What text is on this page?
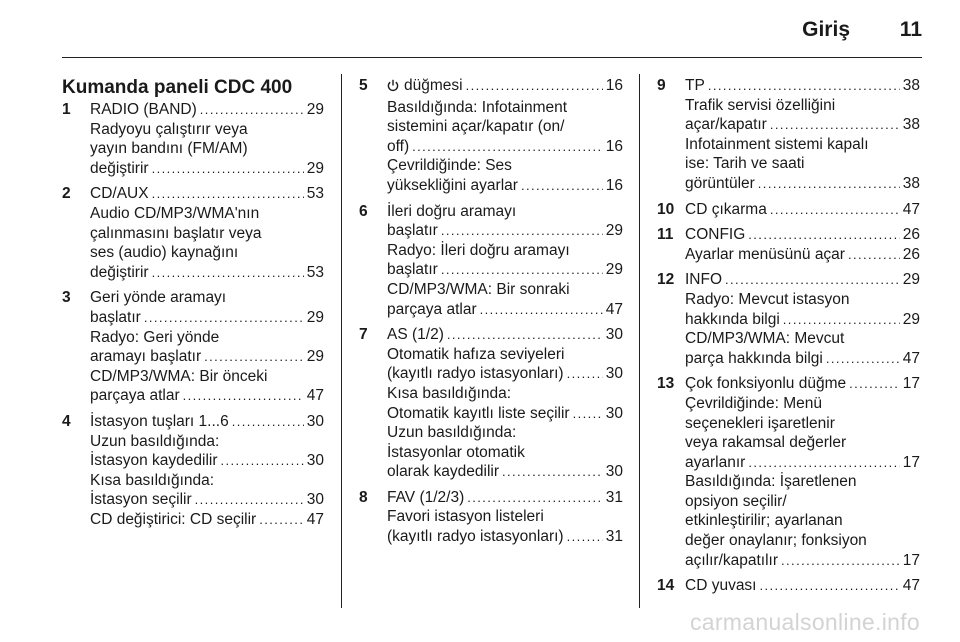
Giriş 11
Kumanda paneli CDC 400
1 RADIO (BAND) .....	29
Radyoyu çalıştırır veya
yayın bandını (FM/AM)
değiştirir .....	29
2 CD/AUX .....	53
Audio CD/MP3/WMA'nın
çalınmasını başlatır veya
ses (audio) kaynağını
değiştirir .....	53
3 Geri yönde aramayı
başlatır .....	29
Radyo: Geri yönde
aramayı başlatır .....	29
CD/MP3/WMA: Bir önceki
parçaya atlar .....	47
4 İstasyon tuşları 1...6 .....	30
Uzun basıldığında:
İstasyon kaydedilir .....	30
Kısa basıldığında:
İstasyon seçilir .....	30
CD değiştirici: CD seçilir .....	47
5	düğmesi .....	16
Basıldığında: Infotainment
sistemini açar/kapatır (on/
off) .....	16
Çevrildiğinde: Ses
yüksekliğini ayarlar .....	16
6 İleri doğru aramayı
başlatır .....	29
Radyo: İleri doğru aramayı
başlatır .....	29
CD/MP3/WMA: Bir sonraki
parçaya atlar .....	47
7 AS (1/2) .....	30
Otomatik hafıza seviyeleri
(kayıtlı radyo istasyonları) .....	30
Kısa basıldığında:
Otomatik kayıtlı liste seçilir ..... 30
Uzun basıldığında:
İstasyonlar otomatik
olarak kaydedilir .....	30
8 FAV (1/2/3) .....	31
Favori istasyon listeleri
(kayıtlı radyo istasyonları) .....	31
9 TP .....	38
Trafik servisi özelliğini
açar/kapatır .....	38
Infotainment sistemi kapalı
ise: Tarih ve saati
görüntüler .....	38
10 CD çıkarma .....	47
11 CONFIG .....	26
Ayarlar menüsünü açar .....	26
12 INFO .....	29
Radyo: Mevcut istasyon
hakkında bilgi .....	29
CD/MP3/WMA: Mevcut
parça hakkında bilgi .....	47
13 Çok fonksiyonlu düğme .....	17
Çevrildiğinde: Menü
seçenekleri işaretlenir
veya rakamsal değerler
ayarlanır .....	17
Basıldığında: İşaretlenen
opsiyon seçilir/
etkinleştirilir; ayarlanan
değer onaylanır; fonksiyon
açılır/kapatılır .....	17
14 CD yuvası .....	47
carmanualsonline.info
